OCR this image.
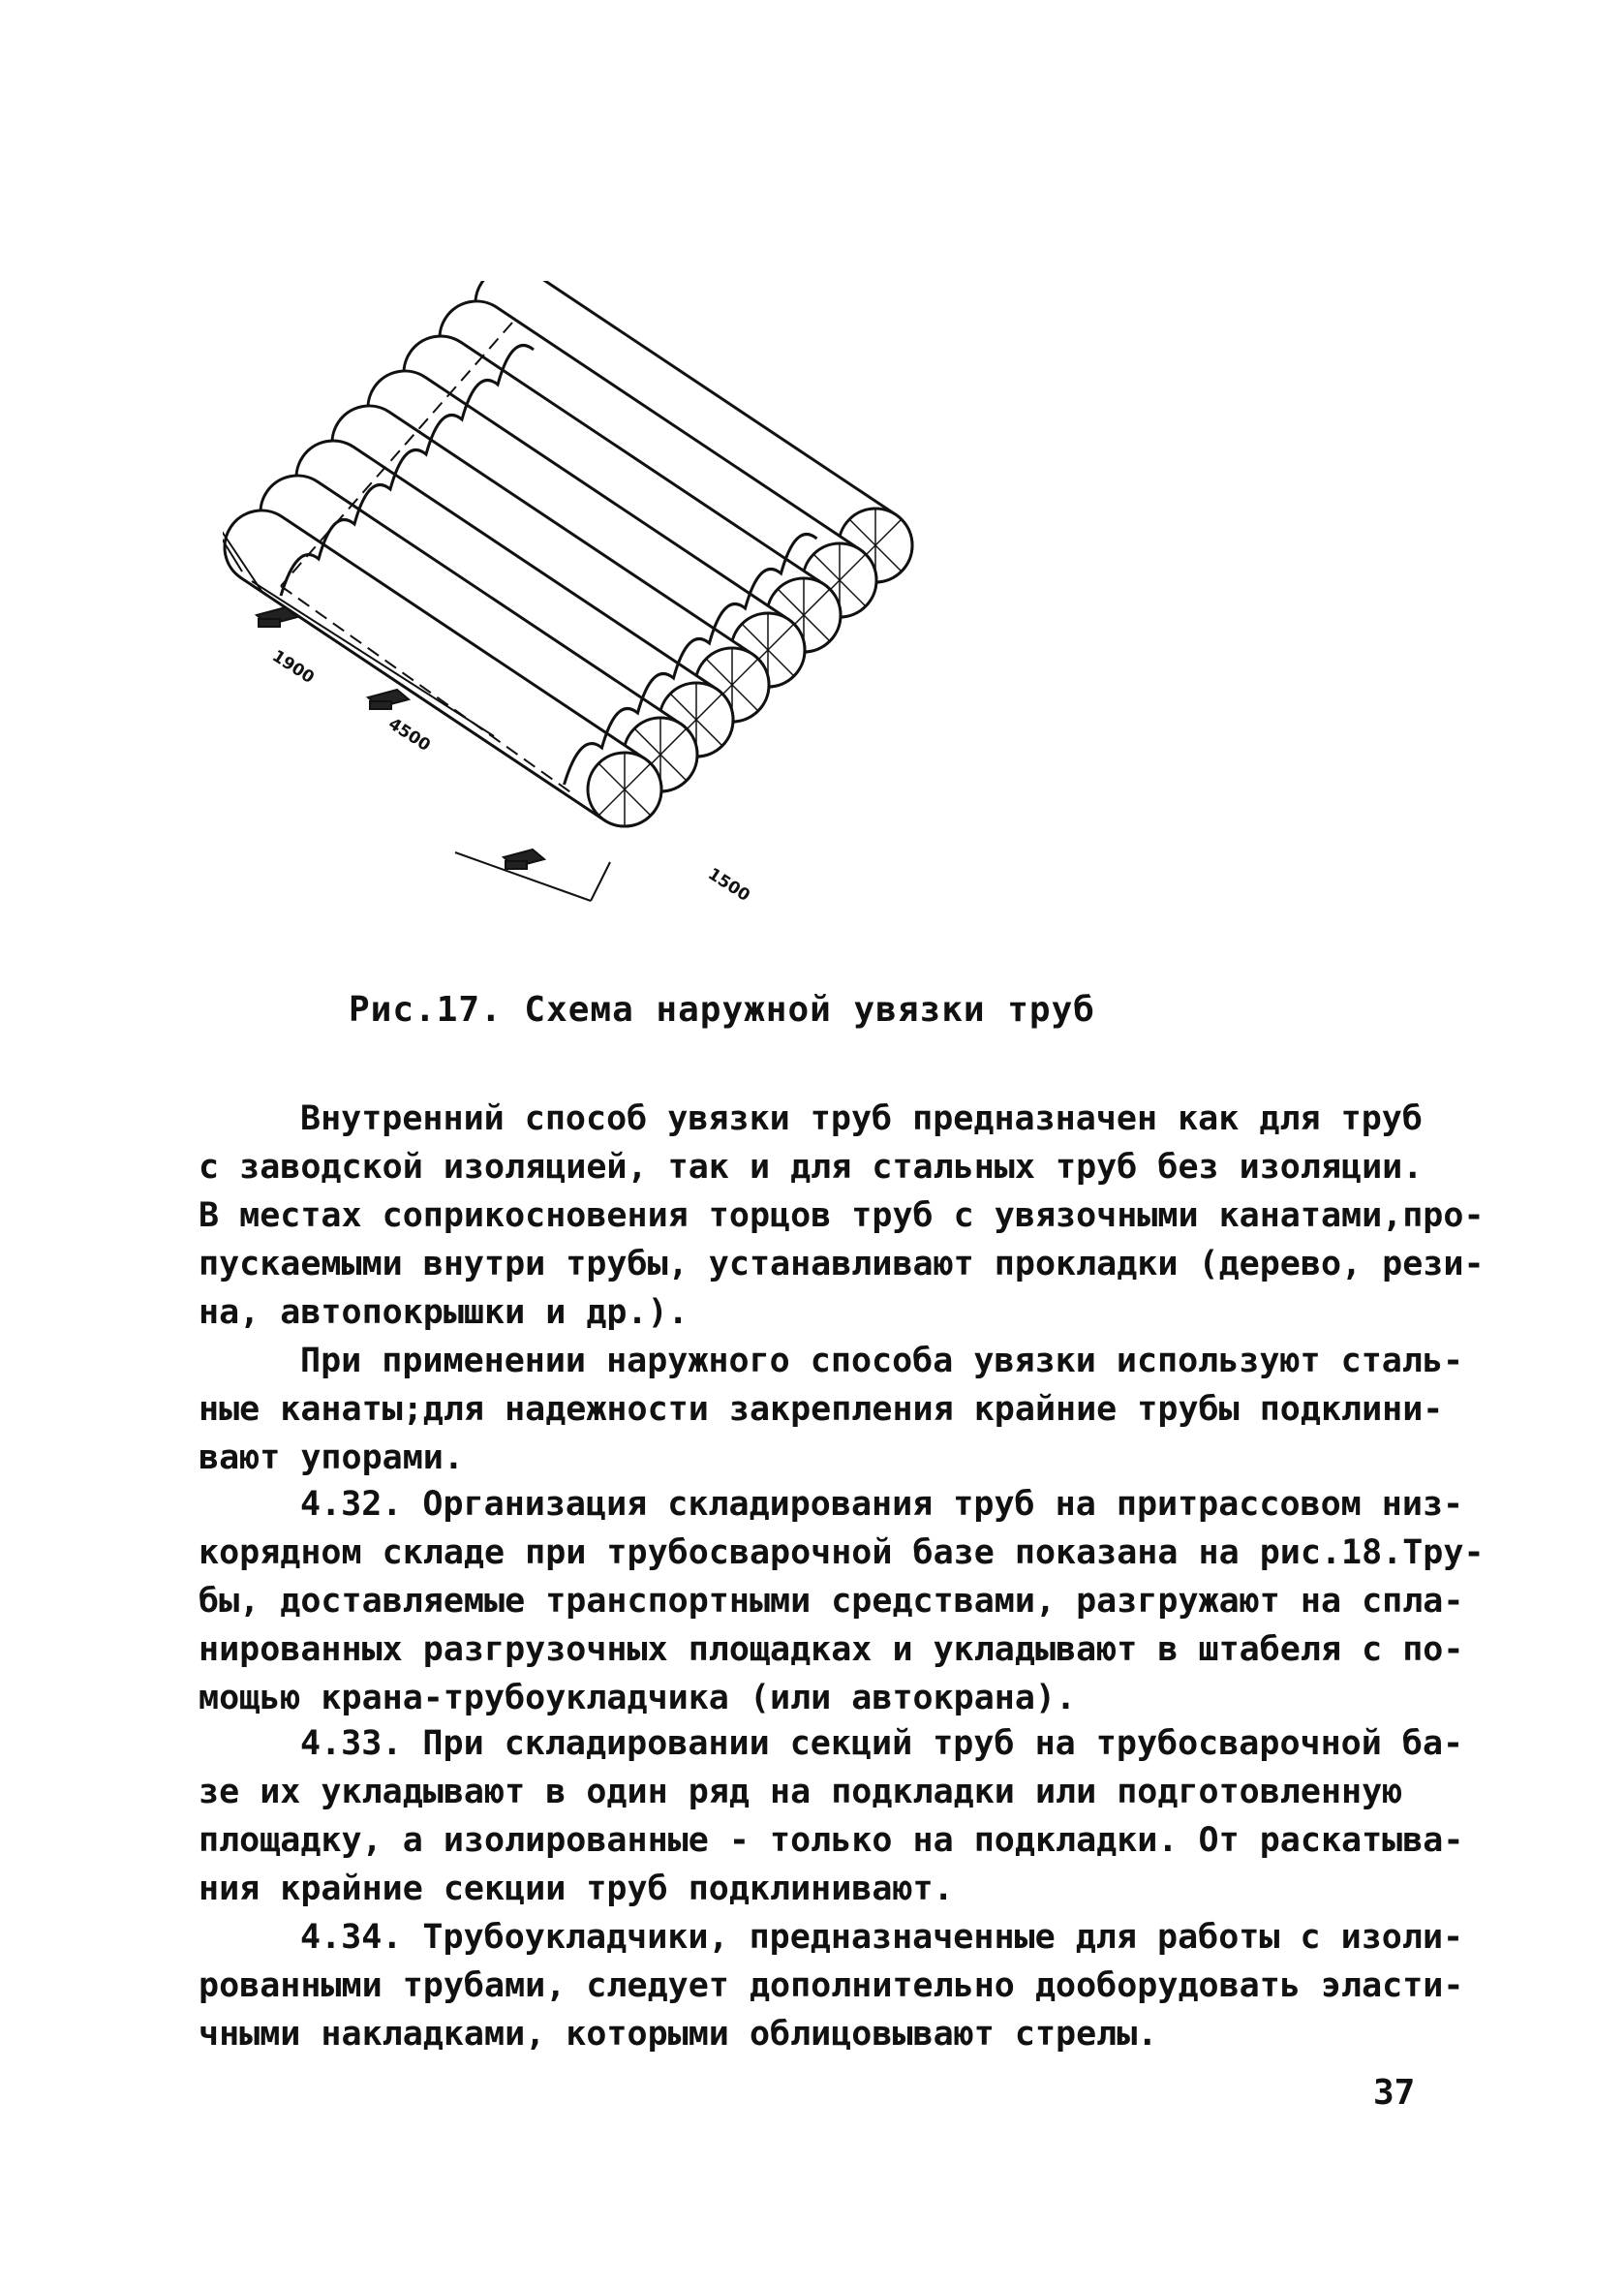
1900
4500
1500
Рис.17. Схема наружной увязки труб
Внутренний способ увязки труб предназначен как для труб
с заводской изоляцией, так и для стальных труб без изоляции.
В местах соприкосновения торцов труб с увязочными канатами,про-
пускаемыми внутри трубы, устанавливают прокладки (дерево, рези-
на, автопокрышки и др.).
При применении наружного способа увязки используют сталь-
ные канаты;для надежности закрепления крайние трубы подклини-
вают упорами.
4.32. Организация складирования труб на притрассовом низ-
корядном складе при трубосварочной базе показана на рис.18.Тру-
бы, доставляемые транспортными средствами, разгружают на спла-
нированных разгрузочных площадках и укладывают в штабеля с по-
мощью крана-трубоукладчика (или автокрана).
4.33. При складировании секций труб на трубосварочной ба-
зе их укладывают в один ряд на подкладки или подготовленную
площадку, а изолированные - только на подкладки. От раскатыва-
ния крайние секции труб подклинивают.
4.34. Трубоукладчики, предназначенные для работы с изоли-
рованными трубами, следует дополнительно дооборудовать эласти-
чными накладками, которыми облицовывают стрелы.
37
